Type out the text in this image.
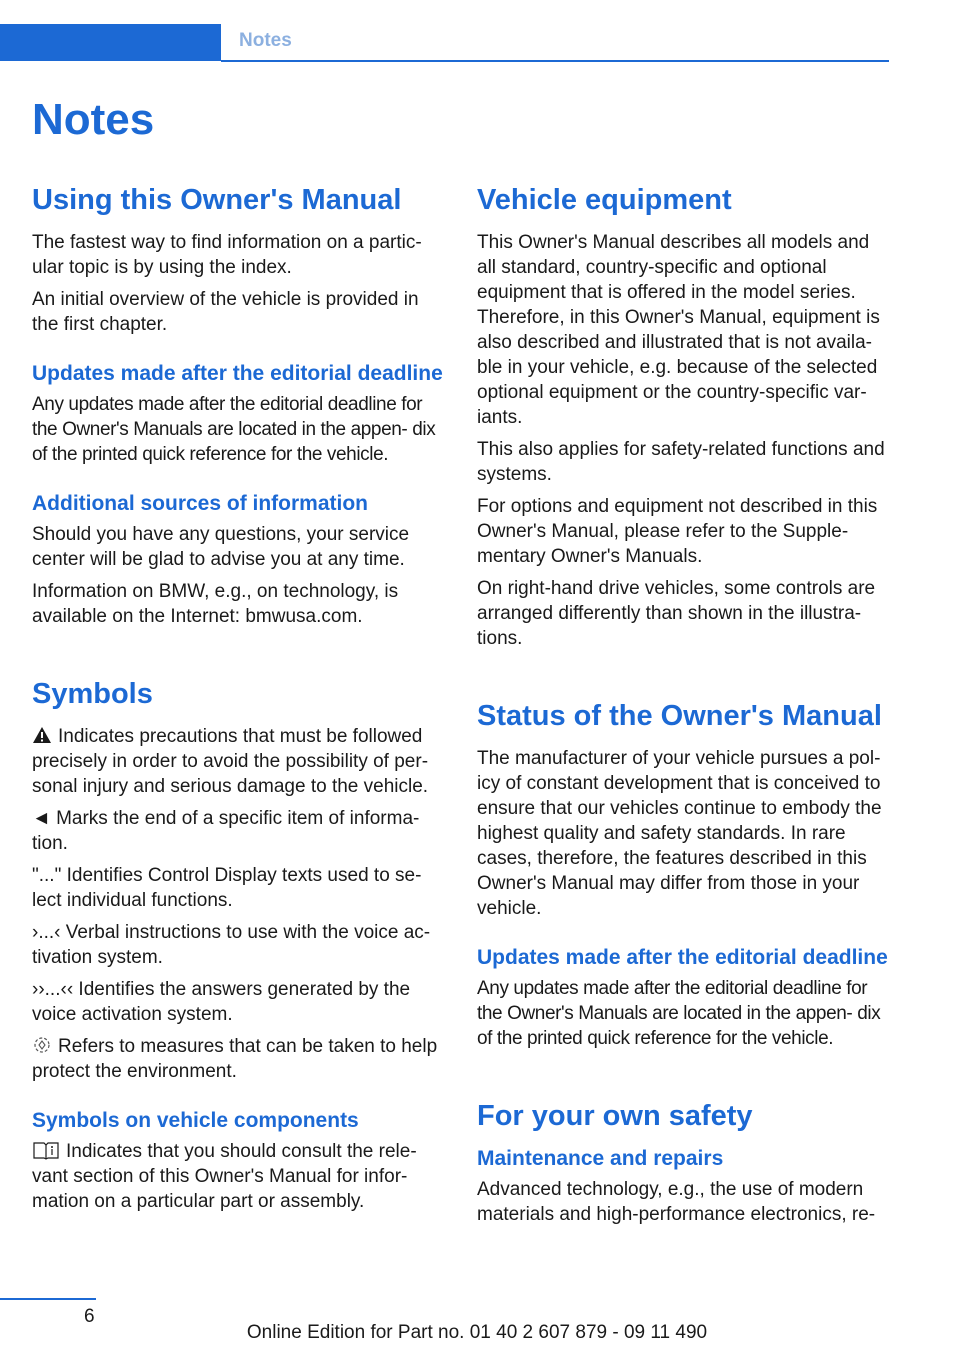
Notes
Notes
Using this Owner's Manual

The fastest way to find information on a partic‐ ular topic is by using the index.

An initial overview of the vehicle is provided in the first chapter.

Updates made after the editorial deadline

Any updates made after the editorial deadline for the Owner's Manuals are located in the appen‐ dix of the printed quick reference for the vehicle.

Additional sources of information

Should you have any questions, your service center will be glad to advise you at any time.

Information on BMW, e.g., on technology, is available on the Internet: bmwusa.com.

Symbols

Indicates precautions that must be followed precisely in order to avoid the possibility of per‐ sonal injury and serious damage to the vehicle.

◄ Marks the end of a specific item of informa‐ tion.

"..." Identifies Control Display texts used to se‐ lect individual functions.

›...‹ Verbal instructions to use with the voice ac‐ tivation system.

››...‹‹ Identifies the answers generated by the voice activation system.

Refers to measures that can be taken to help protect the environment.

Symbols on vehicle components

Indicates that you should consult the rele‐ vant section of this Owner's Manual for infor‐ mation on a particular part or assembly.

Vehicle equipment

This Owner's Manual describes all models and all standard, country-specific and optional equipment that is offered in the model series. Therefore, in this Owner's Manual, equipment is also described and illustrated that is not availa‐ ble in your vehicle, e.g. because of the selected optional equipment or the country-specific var‐ iants.

This also applies for safety-related functions and systems.

For options and equipment not described in this Owner's Manual, please refer to the Supple‐ mentary Owner's Manuals.

On right-hand drive vehicles, some controls are arranged differently than shown in the illustra‐ tions.

Status of the Owner's Manual

The manufacturer of your vehicle pursues a pol‐ icy of constant development that is conceived to ensure that our vehicles continue to embody the highest quality and safety standards. In rare cases, therefore, the features described in this Owner's Manual may differ from those in your vehicle.

Updates made after the editorial deadline

Any updates made after the editorial deadline for the Owner's Manuals are located in the appen‐ dix of the printed quick reference for the vehicle.

For your own safety
Maintenance and repairs

Advanced technology, e.g., the use of modern materials and high-performance electronics, re‐

6
Online Edition for Part no. 01 40 2 607 879 - 09 11 490
